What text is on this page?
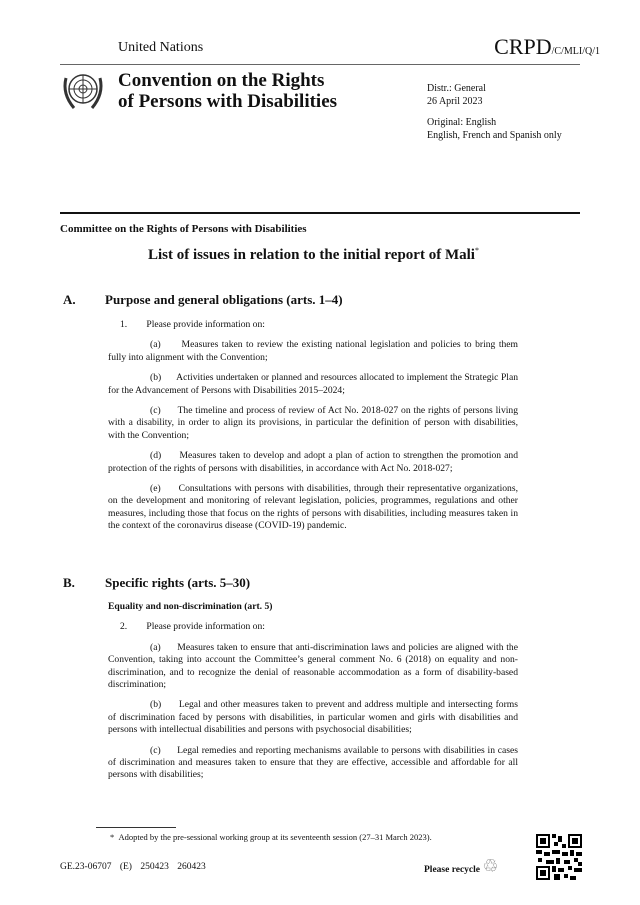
United Nations	CRPD/C/MLI/Q/1
Convention on the Rights
of Persons with Disabilities
Distr.: General
26 April 2023
Original: English
English, French and Spanish only
Committee on the Rights of Persons with Disabilities
List of issues in relation to the initial report of Mali*
A. Purpose and general obligations (arts. 1–4)

1.        Please provide information on:

(a)      Measures taken to review the existing national legislation and policies to bring them fully into alignment with the Convention;

(b)      Activities undertaken or planned and resources allocated to implement the Strategic Plan for the Advancement of Persons with Disabilities 2015–2024;

(c)      The timeline and process of review of Act No. 2018-027 on the rights of persons living with a disability, in order to align its provisions, in particular the definition of person with disabilities, with the Convention;

(d)      Measures taken to develop and adopt a plan of action to strengthen the promotion and protection of the rights of persons with disabilities, in accordance with Act No. 2018-027;

(e)      Consultations with persons with disabilities, through their representative organizations, on the development and monitoring of relevant legislation, policies, programmes, regulations and other measures, including those that focus on the rights of persons with disabilities, including measures taken in the context of the coronavirus disease (COVID-19) pandemic.

B. Specific rights (arts. 5–30)

Equality and non-discrimination (art. 5)

2.        Please provide information on:

(a)      Measures taken to ensure that anti-discrimination laws and policies are aligned with the Convention, taking into account the Committee’s general comment No. 6 (2018) on equality and non-discrimination, and to recognize the denial of reasonable accommodation as a form of disability-based discrimination;

(b)      Legal and other measures taken to prevent and address multiple and intersecting forms of discrimination faced by persons with disabilities, in particular women and girls with disabilities and persons with intellectual disabilities and persons with psychosocial disabilities;

(c)      Legal remedies and reporting mechanisms available to persons with disabilities in cases of discrimination and measures taken to ensure that they are effective, accessible and affordable for all persons with disabilities;

*  Adopted by the pre-sessional working group at its seventeenth session (27–31 March 2023).
GE.23-06707 (E) 250423 260423	Please recycle ♲
